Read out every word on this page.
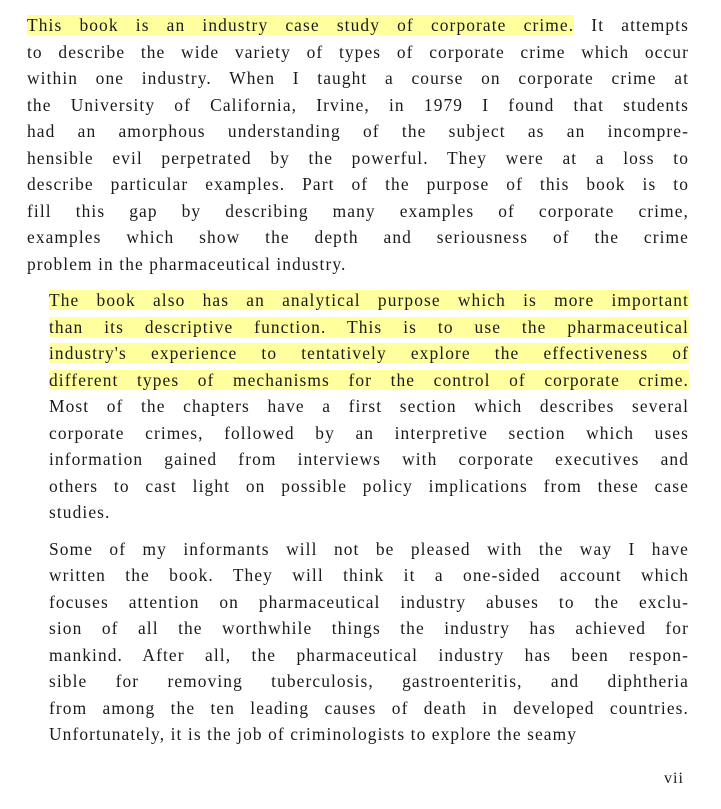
This book is an industry case study of corporate crime. It attempts
to describe the wide variety of types of corporate crime which occur
within one industry. When I taught a course on corporate crime at
the University of California, Irvine, in 1979 I found that students
had an amorphous understanding of the subject as an incompre-
hensible evil perpetrated by the powerful. They were at a loss to
describe particular examples. Part of the purpose of this book is to
fill this gap by describing many examples of corporate crime,
examples which show the depth and seriousness of the crime
problem in the pharmaceutical industry.

The book also has an analytical purpose which is more important
than its descriptive function. This is to use the pharmaceutical
industry's experience to tentatively explore the effectiveness of
different types of mechanisms for the control of corporate crime.
Most of the chapters have a first section which describes several
corporate crimes, followed by an interpretive section which uses
information gained from interviews with corporate executives and
others to cast light on possible policy implications from these case
studies.

Some of my informants will not be pleased with the way I have
written the book. They will think it a one-sided account which
focuses attention on pharmaceutical industry abuses to the exclu-
sion of all the worthwhile things the industry has achieved for
mankind. After all, the pharmaceutical industry has been respon-
sible for removing tuberculosis, gastroenteritis, and diphtheria
from among the ten leading causes of death in developed countries.
Unfortunately, it is the job of criminologists to explore the seamy

vii
